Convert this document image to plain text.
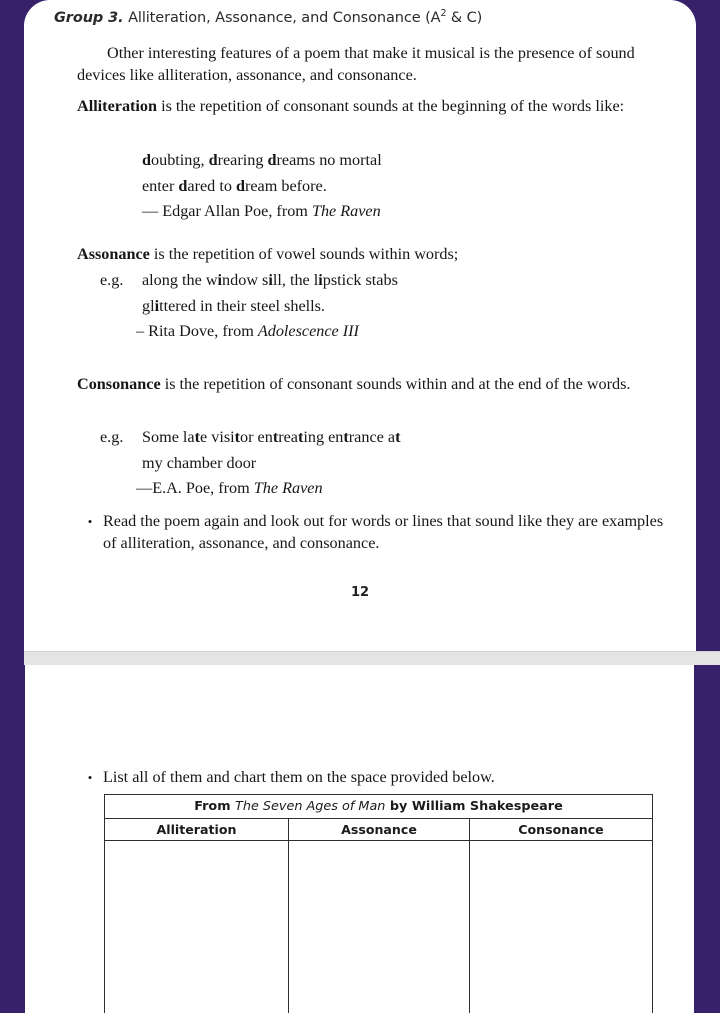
Group 3. Alliteration, Assonance, and Consonance ($A^2$ & C)
Other interesting features of a poem that make it musical is the presence of sound devices like alliteration, assonance, and consonance.
Alliteration is the repetition of consonant sounds at the beginning of the words like:
doubting, drearing dreams no mortal
enter dared to dream before.

— Edgar Allan Poe, from The Raven
Assonance is the repetition of vowel sounds within words;
e.g. along the window sill, the lipstick stabs
glittered in their steel shells.
– Rita Dove, from Adolescence III
Consonance is the repetition of consonant sounds within and at the end of the words.
e.g. Some late visitor entreating entrance at
my chamber door
—E.A. Poe, from The Raven
• Read the poem again and look out for words or lines that sound like they are examples of alliteration, assonance, and consonance.
12
• List all of them and chart them on the space provided below.
From The Seven Ages of Man by William Shakespeare		
Alliteration	Assonance	Consonance
